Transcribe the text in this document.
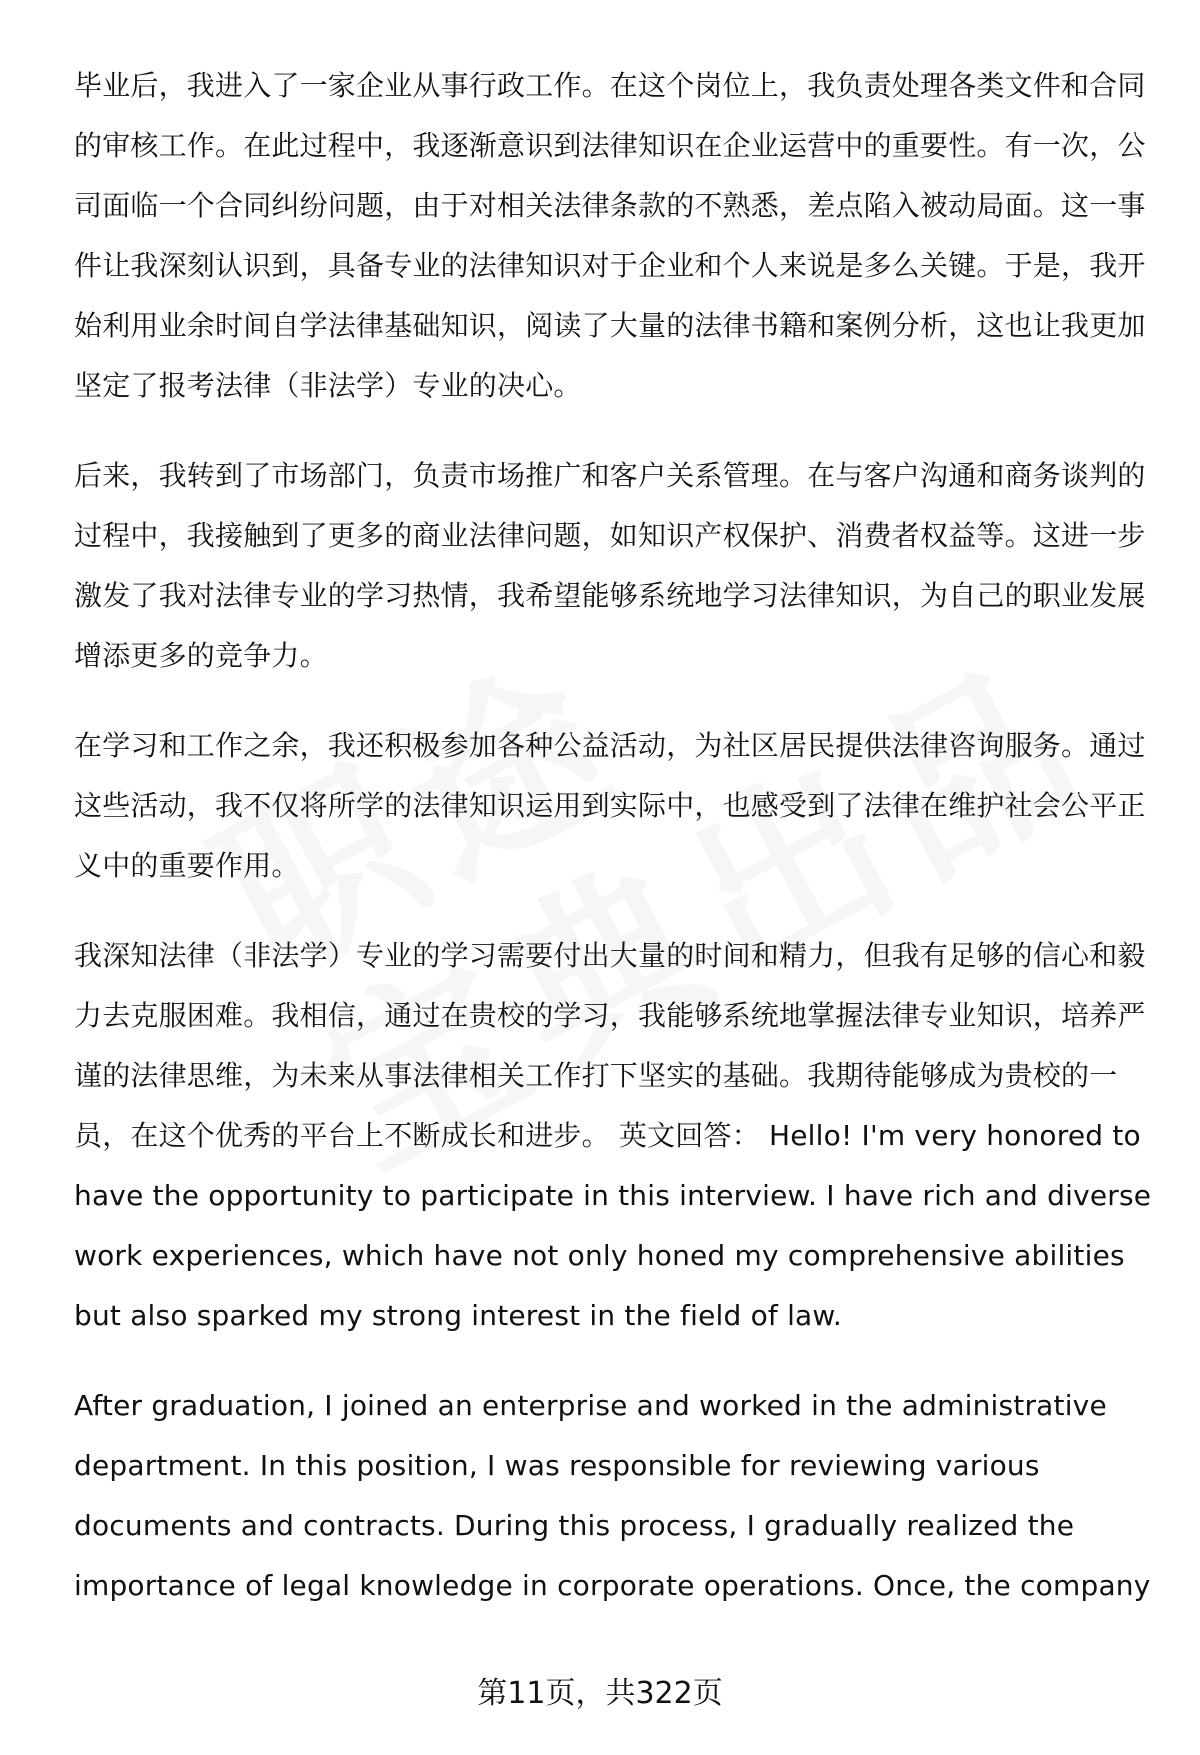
毕业后，我进入了一家企业从事行政工作。在这个岗位上，我负责处理各类文件和合同的审核工作。在此过程中，我逐渐意识到法律知识在企业运营中的重要性。有一次，公司面临一个合同纠纷问题，由于对相关法律条款的不熟悉，差点陷入被动局面。这一事件让我深刻认识到，具备专业的法律知识对于企业和个人来说是多么关键。于是，我开始利用业余时间自学法律基础知识，阅读了大量的法律书籍和案例分析，这也让我更加坚定了报考法律（非法学）专业的决心。

后来，我转到了市场部门，负责市场推广和客户关系管理。在与客户沟通和商务谈判的过程中，我接触到了更多的商业法律问题，如知识产权保护、消费者权益等。这进一步激发了我对法律专业的学习热情，我希望能够系统地学习法律知识，为自己的职业发展增添更多的竞争力。

在学习和工作之余，我还积极参加各种公益活动，为社区居民提供法律咨询服务。通过这些活动，我不仅将所学的法律知识运用到实际中，也感受到了法律在维护社会公平正义中的重要作用。

我深知法律（非法学）专业的学习需要付出大量的时间和精力，但我有足够的信心和毅力去克服困难。我相信，通过在贵校的学习，我能够系统地掌握法律专业知识，培养严谨的法律思维，为未来从事法律相关工作打下坚实的基础。我期待能够成为贵校的一员，在这个优秀的平台上不断成长和进步。 英文回答： Hello! I'm very honored to have the opportunity to participate in this interview. I have rich and diverse work experiences, which have not only honed my comprehensive abilities but also sparked my strong interest in the field of law.

After graduation, I joined an enterprise and worked in the administrative department. In this position, I was responsible for reviewing various documents and contracts. During this process, I gradually realized the importance of legal knowledge in corporate operations. Once, the company

第11页，共322页
